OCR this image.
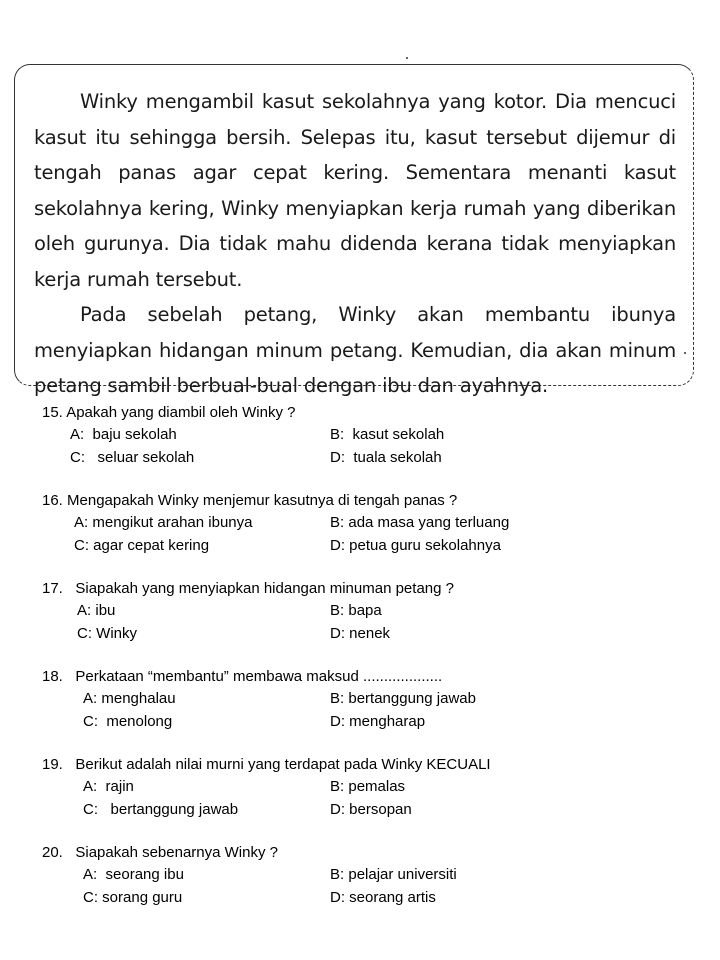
Winky mengambil kasut sekolahnya yang kotor. Dia mencuci kasut itu sehingga bersih. Selepas itu, kasut tersebut dijemur di tengah panas agar cepat kering. Sementara menanti kasut sekolahnya kering, Winky menyiapkan kerja rumah yang diberikan oleh gurunya. Dia tidak mahu didenda kerana tidak menyiapkan kerja rumah tersebut.

Pada sebelah petang, Winky akan membantu ibunya menyiapkan hidangan minum petang. Kemudian, dia akan minum petang sambil berbual-bual dengan ibu dan ayahnya.

15. Apakah yang diambil oleh Winky ?
A: baju sekolah	B: kasut sekolah
C: seluar sekolah	D: tuala sekolah
16. Mengapakah Winky menjemur kasutnya di tengah panas ?
A: mengikut arahan ibunya	B: ada masa yang terluang
C: agar cepat kering	D: petua guru sekolahnya
17. Siapakah yang menyiapkan hidangan minuman petang ?
A: ibu	B: bapa
C: Winky	D: nenek
18. Perkataan “membantu” membawa maksud ...................
A: menghalau	B: bertanggung jawab
C: menolong	D: mengharap
19. Berikut adalah nilai murni yang terdapat pada Winky KECUALI
A: rajin	B: pemalas
C: bertanggung jawab	D: bersopan
20. Siapakah sebenarnya Winky ?
A: seorang ibu	B: pelajar universiti
C: sorang guru	D: seorang artis
